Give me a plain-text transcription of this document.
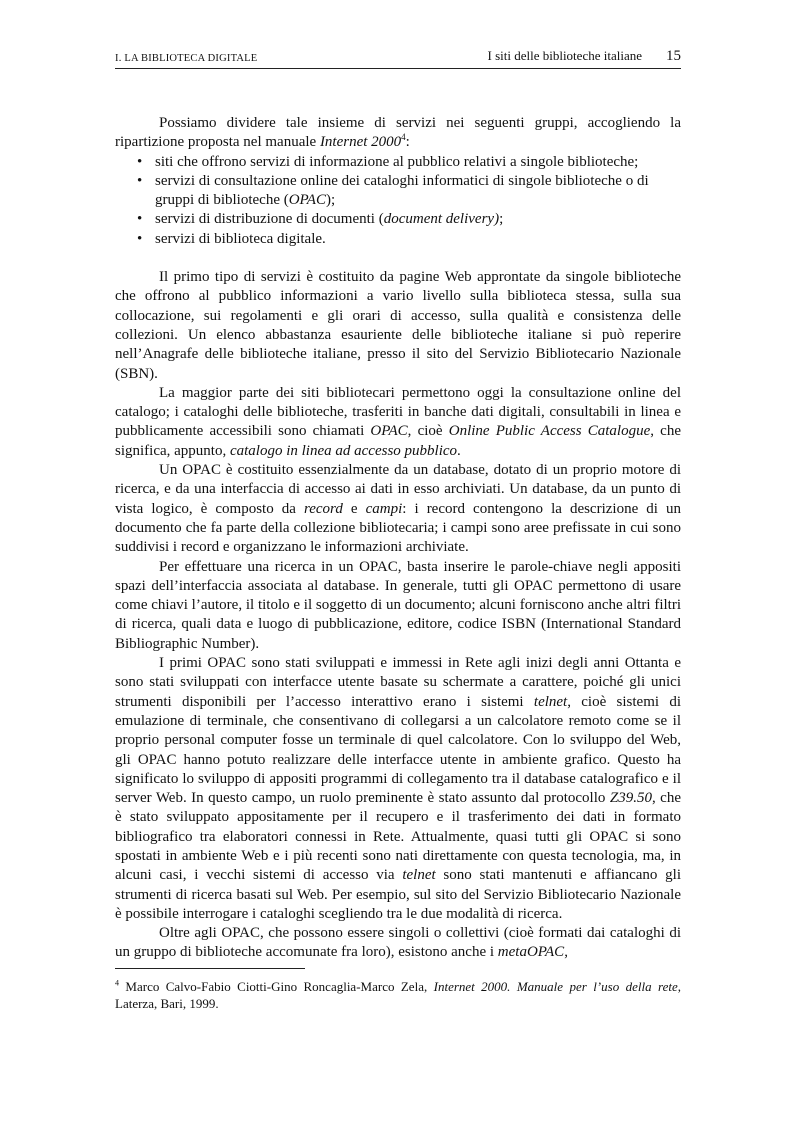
I. LA BIBLIOTECA DIGITALE	I siti delle biblioteche italiane 15

Possiamo dividere tale insieme di servizi nei seguenti gruppi, accogliendo la ripartizione proposta nel manuale Internet 2000$^4$:

• siti che offrono servizi di informazione al pubblico relativi a singole biblioteche;
• servizi di consultazione online dei cataloghi informatici di singole biblioteche o di gruppi di biblioteche (OPAC);
• servizi di distribuzione di documenti (document delivery);
• servizi di biblioteca digitale.

Il primo tipo di servizi è costituito da pagine Web approntate da singole biblioteche che offrono al pubblico informazioni a vario livello sulla biblioteca stessa, sulla sua collocazione, sui regolamenti e gli orari di accesso, sulla qualità e consistenza delle collezioni. Un elenco abbastanza esauriente delle biblioteche italiane si può reperire nell’Anagrafe delle biblioteche italiane, presso il sito del Servizio Bibliotecario Nazionale (SBN).

La maggior parte dei siti bibliotecari permettono oggi la consultazione online del catalogo; i cataloghi delle biblioteche, trasferiti in banche dati digitali, consultabili in linea e pubblicamente accessibili sono chiamati OPAC, cioè Online Public Access Catalogue, che significa, appunto, catalogo in linea ad accesso pubblico.

Un OPAC è costituito essenzialmente da un database, dotato di un proprio motore di ricerca, e da una interfaccia di accesso ai dati in esso archiviati. Un database, da un punto di vista logico, è composto da record e campi: i record contengono la descrizione di un documento che fa parte della collezione bibliotecaria; i campi sono aree prefissate in cui sono suddivisi i record e organizzano le informazioni archiviate.

Per effettuare una ricerca in un OPAC, basta inserire le parole-chiave negli appositi spazi dell’interfaccia associata al database. In generale, tutti gli OPAC permettono di usare come chiavi l’autore, il titolo e il soggetto di un documento; alcuni forniscono anche altri filtri di ricerca, quali data e luogo di pubblicazione, editore, codice ISBN (International Standard Bibliographic Number).

I primi OPAC sono stati sviluppati e immessi in Rete agli inizi degli anni Ottanta e sono stati sviluppati con interfacce utente basate su schermate a carattere, poiché gli unici strumenti disponibili per l’accesso interattivo erano i sistemi telnet, cioè sistemi di emulazione di terminale, che consentivano di collegarsi a un calcolatore remoto come se il proprio personal computer fosse un terminale di quel calcolatore. Con lo sviluppo del Web, gli OPAC hanno potuto realizzare delle interfacce utente in ambiente grafico. Questo ha significato lo sviluppo di appositi programmi di collegamento tra il database catalografico e il server Web. In questo campo, un ruolo preminente è stato assunto dal protocollo Z39.50, che è stato sviluppato appositamente per il recupero e il trasferimento dei dati in formato bibliografico tra elaboratori connessi in Rete. Attualmente, quasi tutti gli OPAC si sono spostati in ambiente Web e i più recenti sono nati direttamente con questa tecnologia, ma, in alcuni casi, i vecchi sistemi di accesso via telnet sono stati mantenuti e affiancano gli strumenti di ricerca basati sul Web. Per esempio, sul sito del Servizio Bibliotecario Nazionale è possibile interrogare i cataloghi scegliendo tra le due modalità di ricerca.

Oltre agli OPAC, che possono essere singoli o collettivi (cioè formati dai cataloghi di un gruppo di biblioteche accomunate fra loro), esistono anche i metaOPAC,

$^4$ Marco Calvo-Fabio Ciotti-Gino Roncaglia-Marco Zela, Internet 2000. Manuale per l’uso della rete, Laterza, Bari, 1999.
